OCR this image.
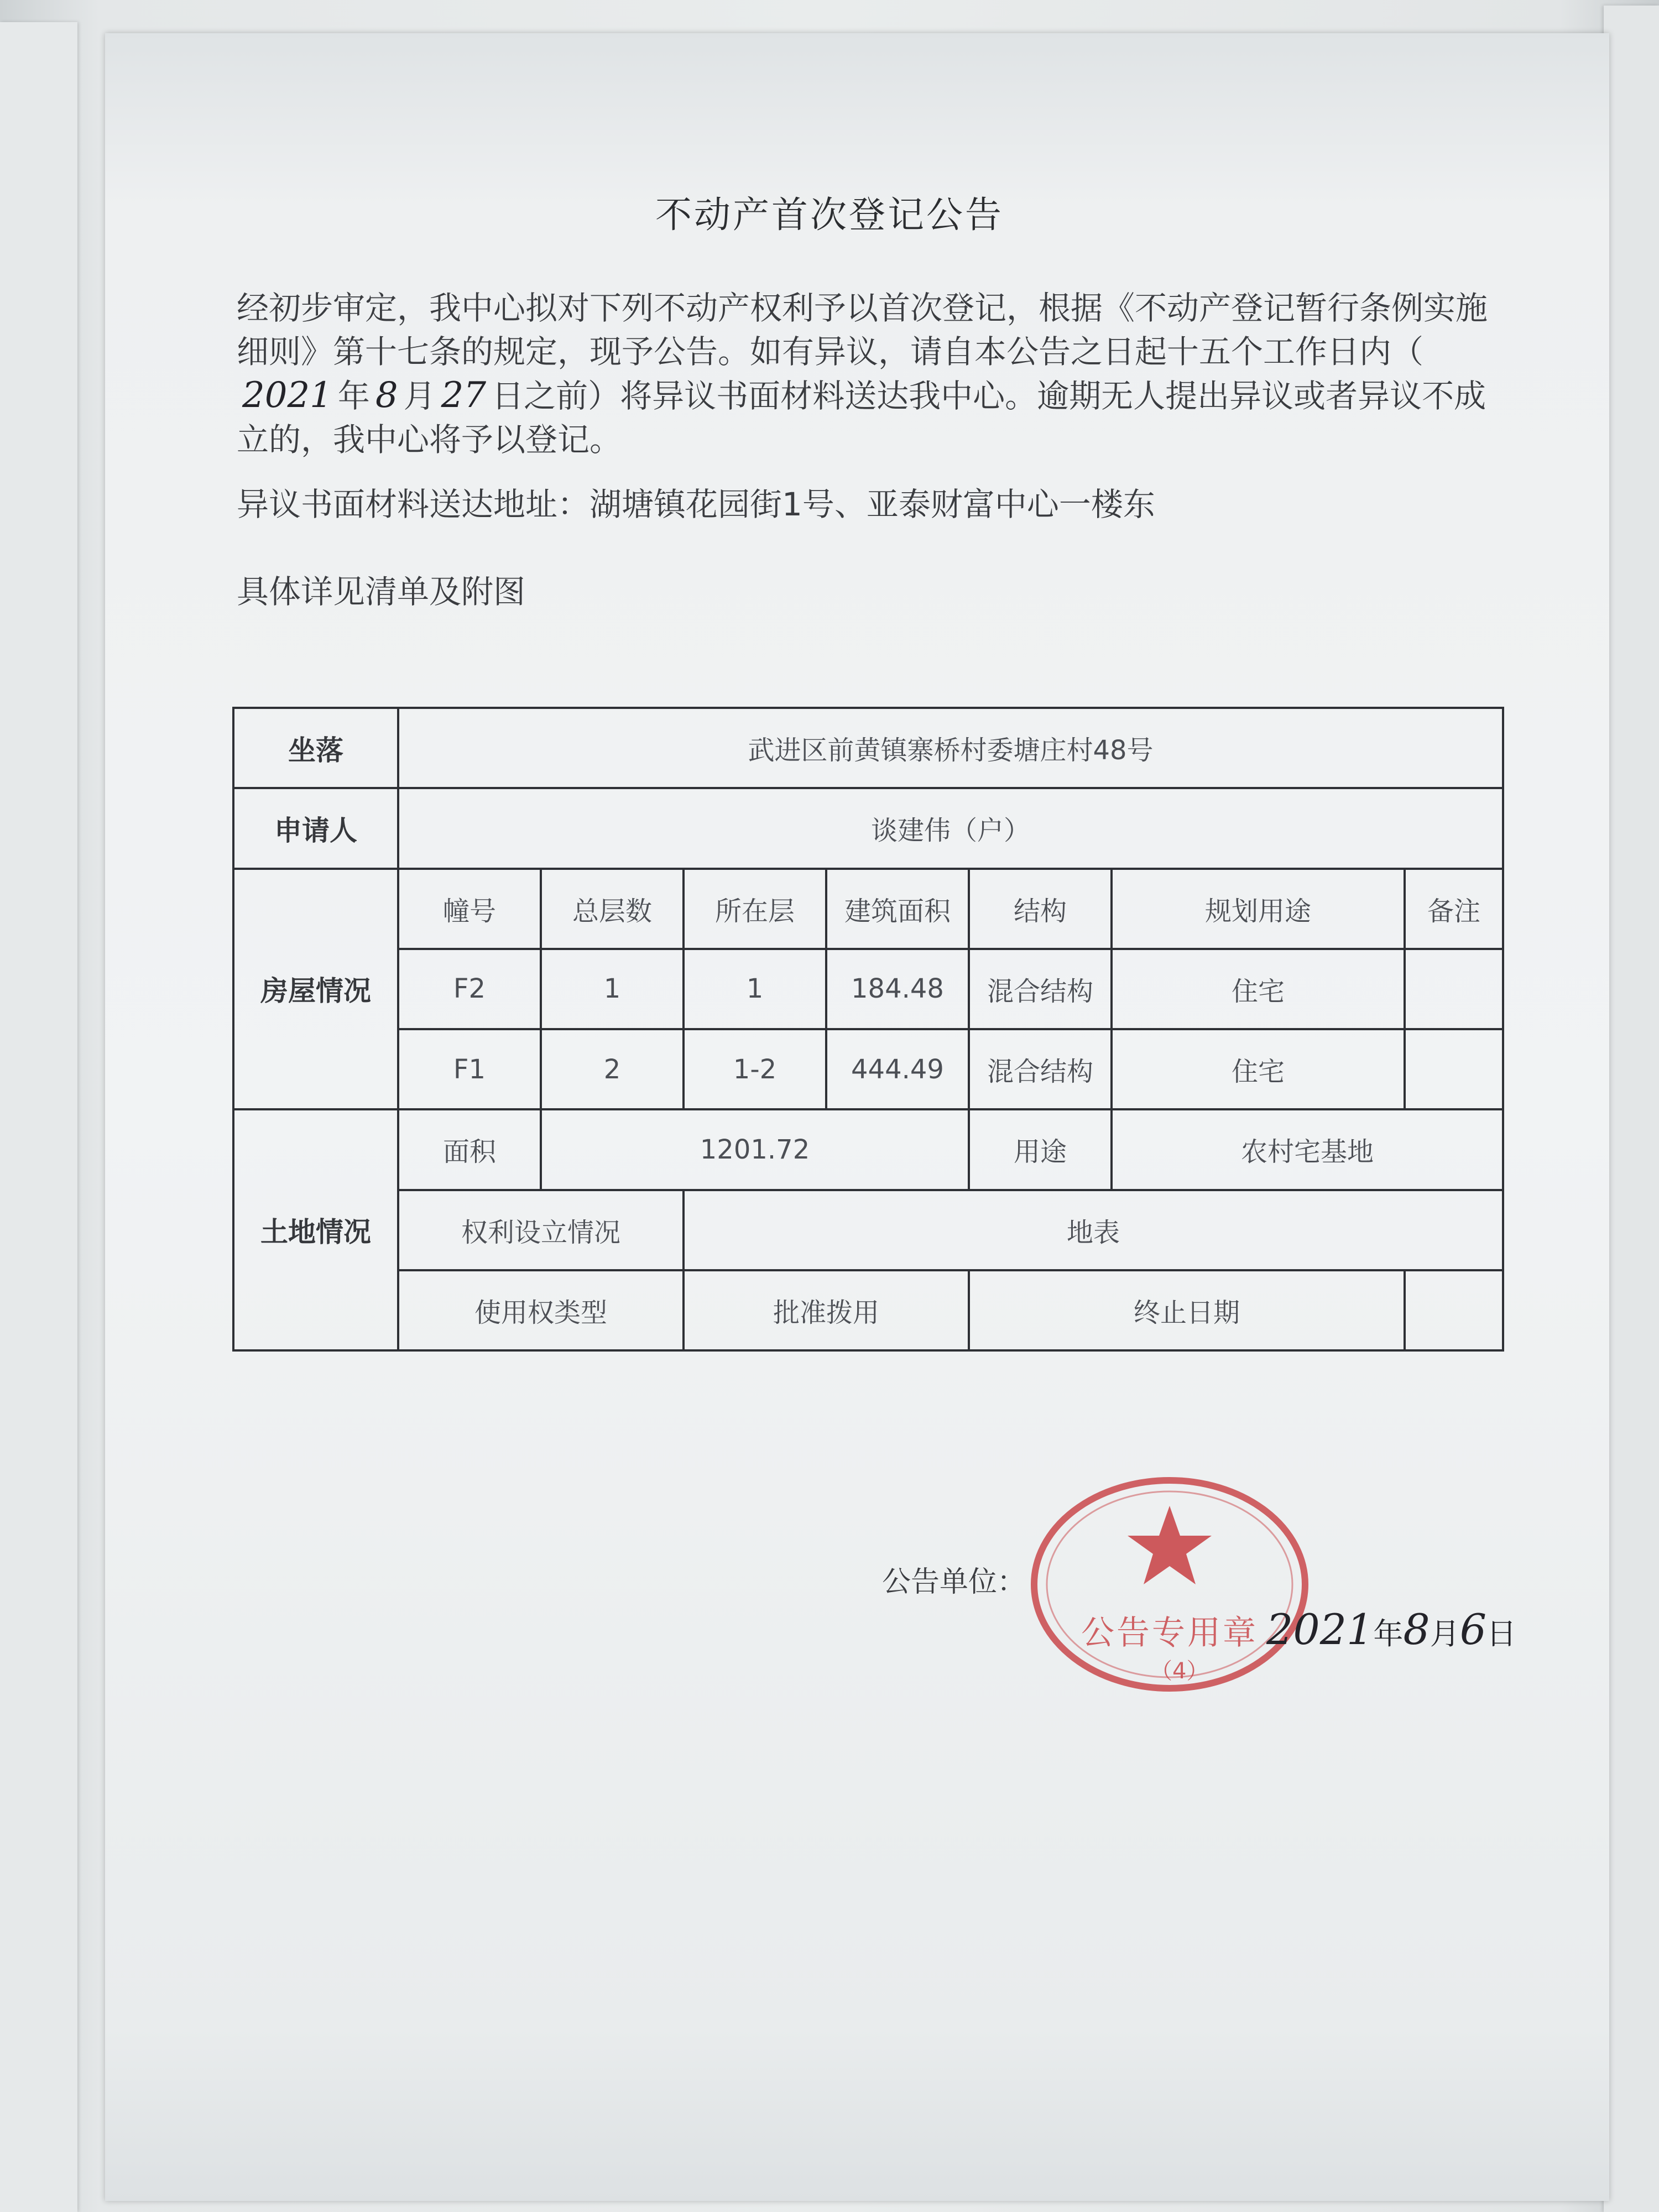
不动产首次登记公告
经初步审定，我中心拟对下列不动产权利予以首次登记，根据《不动产登记暂行条例实施细则》第十七条的规定，现予公告。如有异议，请自本公告之日起十五个工作日内（2021 年 8 月 27 日之前）将异议书面材料送达我中心。逾期无人提出异议或者异议不成立的，我中心将予以登记。
异议书面材料送达地址：湖塘镇花园街1号、亚泰财富中心一楼东
具体详见清单及附图
坐落	武进区前黄镇寨桥村委塘庄村48号						
申请人	谈建伟（户）						
房屋情况	幢号	总层数	所在层	建筑面积	结构	规划用途	备注
	F2	1	1	184.48	混合结构	住宅	
	F1	2	1-2	444.49	混合结构	住宅	
土地情况	面积	1201.72			用途	农村宅基地	
	权利设立情况		地表				
	使用权类型		批准拨用		终止日期		
公告单位：
公告专用章
（4）
2021年8月6日
